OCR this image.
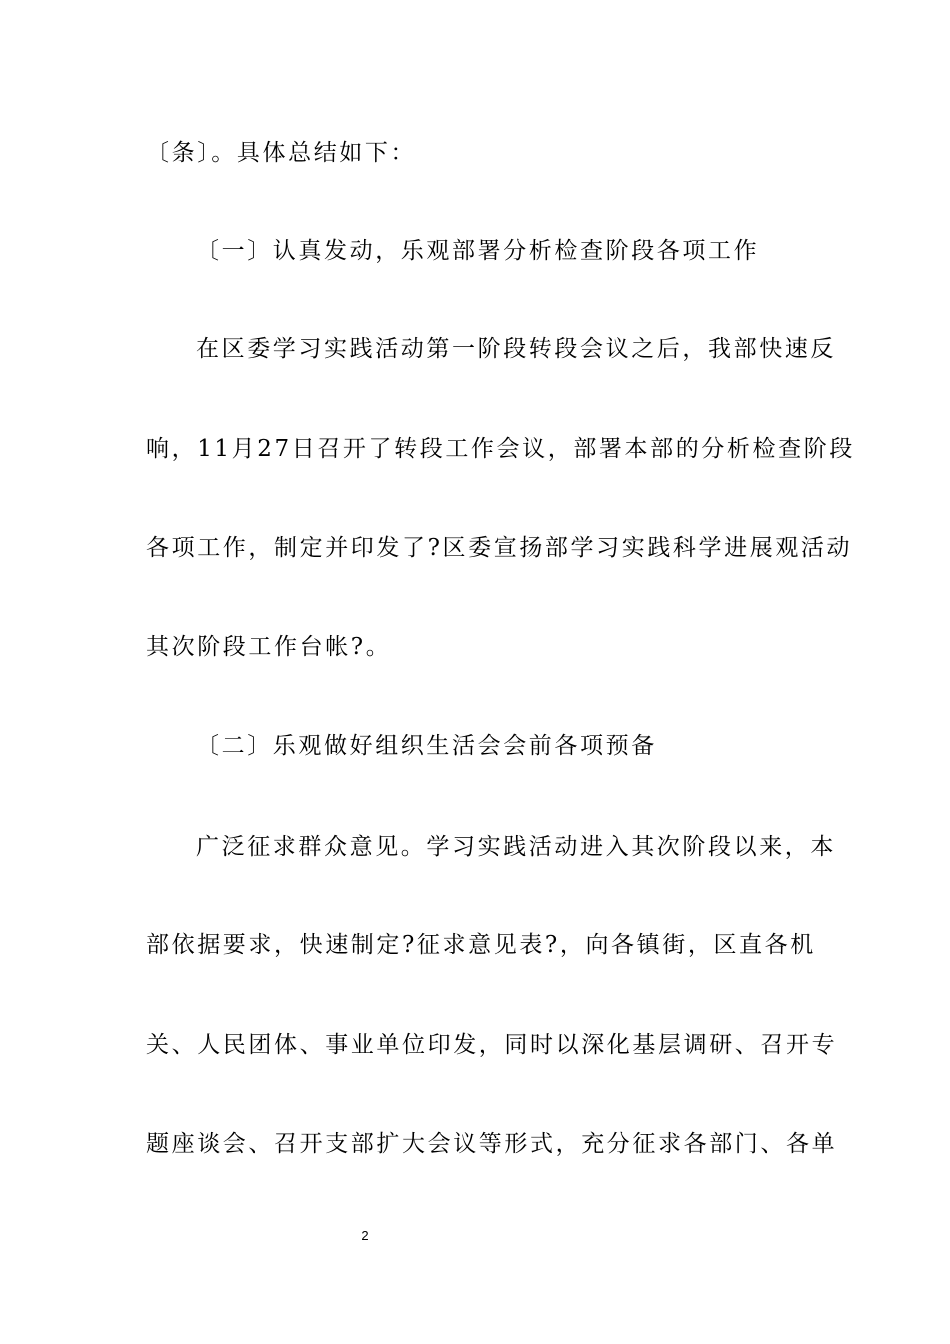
〔条〕。具体总结如下：
〔一〕认真发动，乐观部署分析检查阶段各项工作
在区委学习实践活动第一阶段转段会议之后，我部快速反
响，11月27日召开了转段工作会议，部署本部的分析检查阶段
各项工作，制定并印发了?区委宣扬部学习实践科学进展观活动
其次阶段工作台帐?。
〔二〕乐观做好组织生活会会前各项预备
广泛征求群众意见。学习实践活动进入其次阶段以来，本
部依据要求，快速制定?征求意见表?，向各镇街，区直各机
关、人民团体、事业单位印发，同时以深化基层调研、召开专
题座谈会、召开支部扩大会议等形式，充分征求各部门、各单
2
